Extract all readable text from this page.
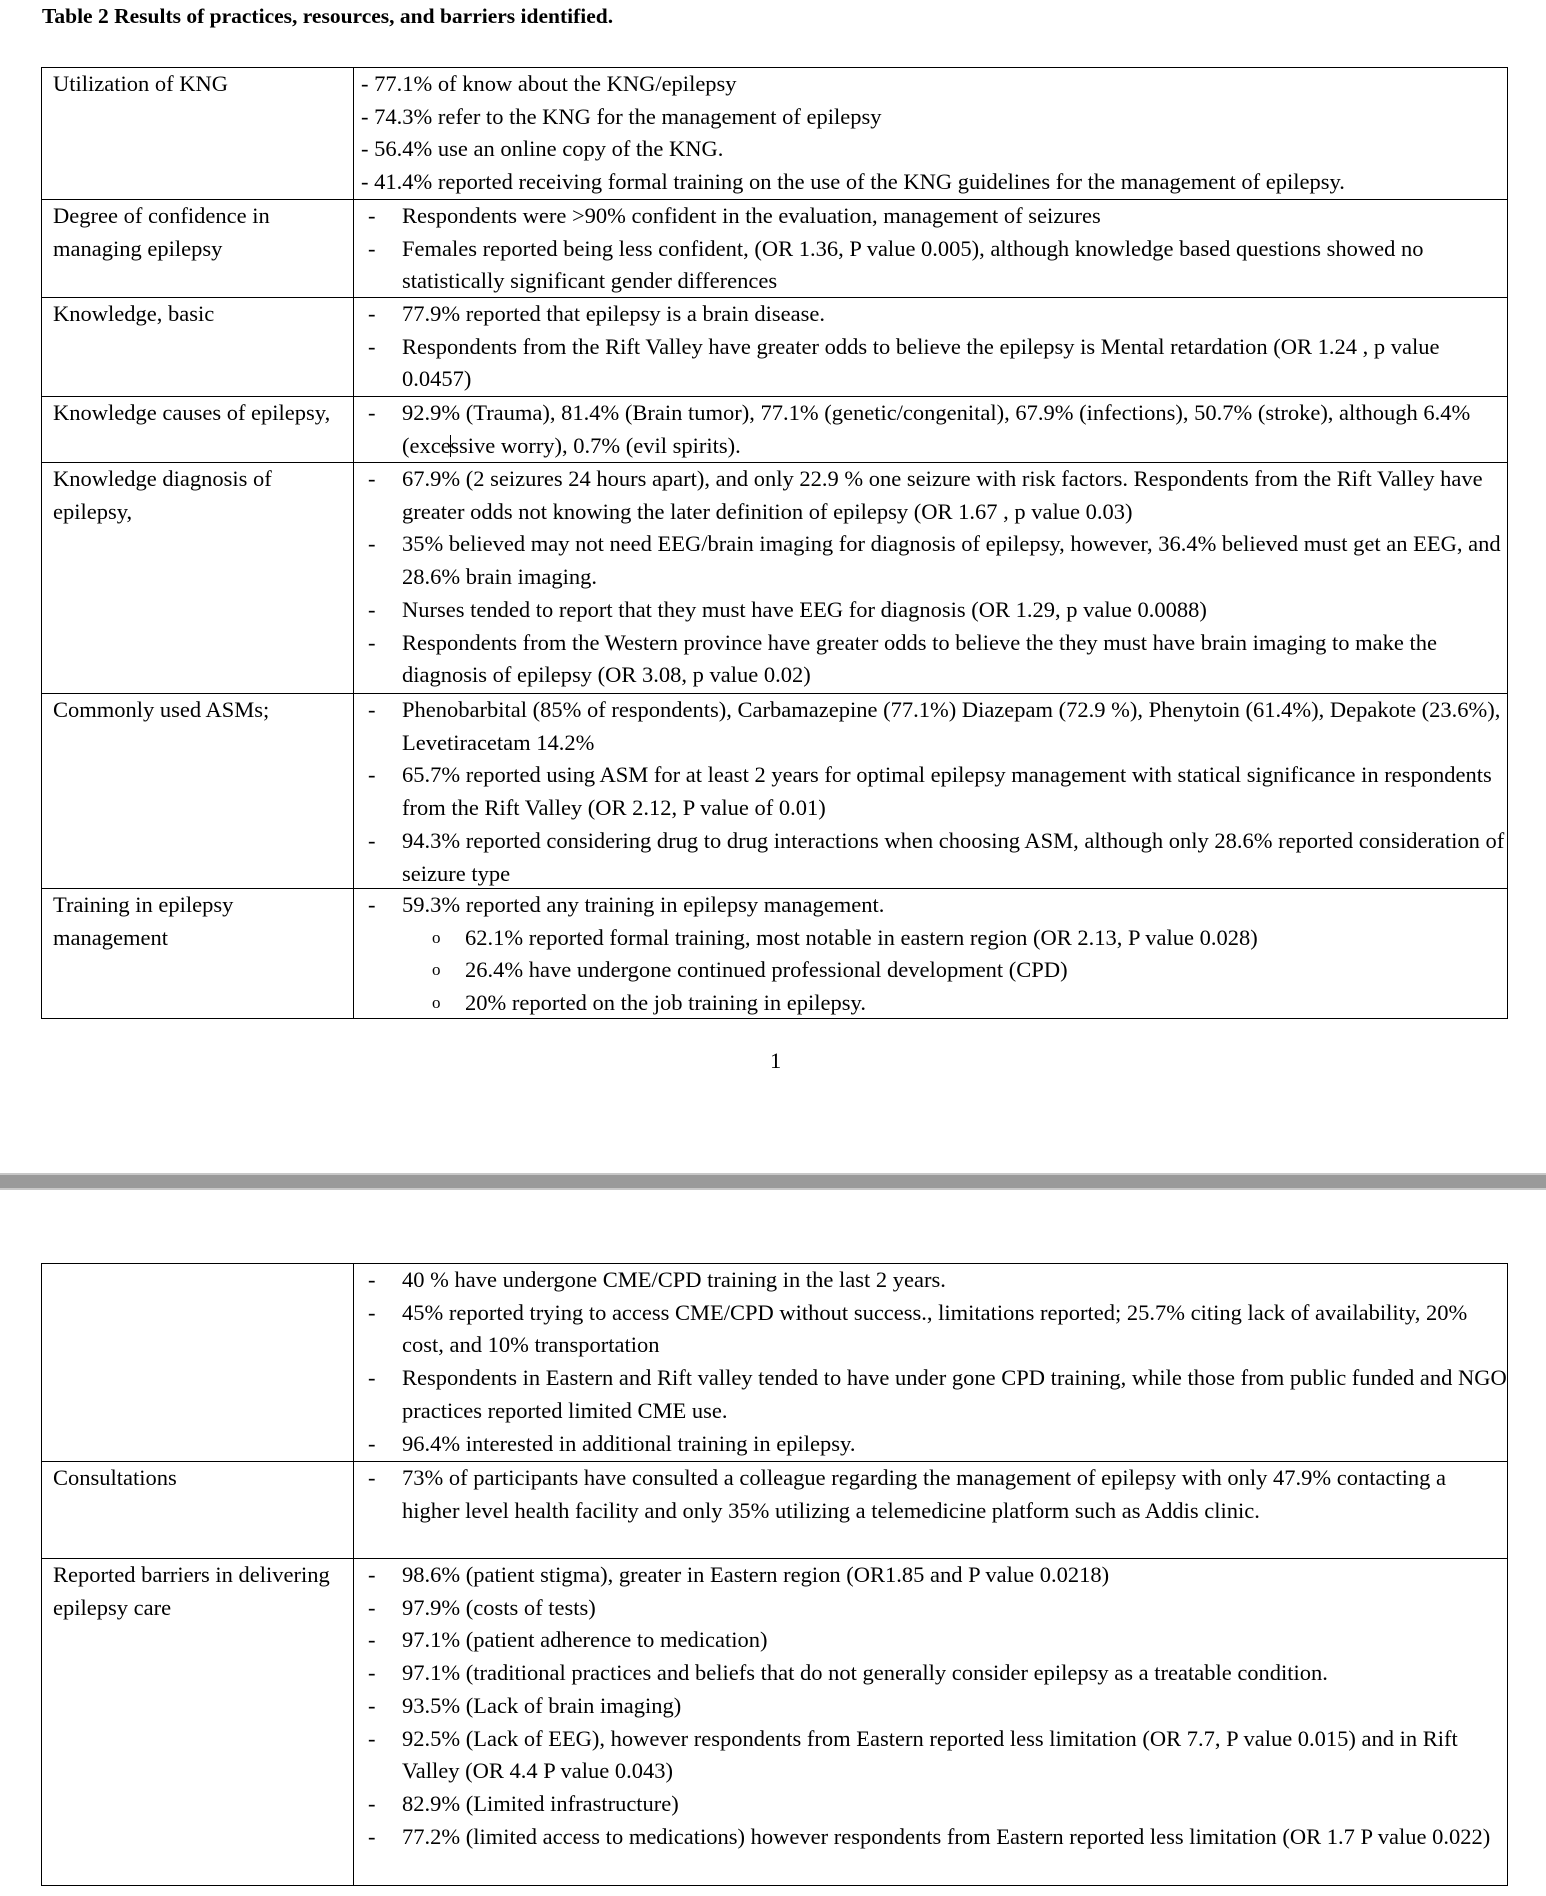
Table 2 Results of practices, resources, and barriers identified.
Utilization of KNG	- 77.1% of know about the KNG/epilepsy
- 74.3% refer to the KNG for the management of epilepsy
- 56.4% use an online copy of the KNG.
- 41.4% reported receiving formal training on the use of the KNG guidelines for the management of epilepsy.
Degree of confidence in managing epilepsy
- Respondents were >90% confident in the evaluation, management of seizures
- Females reported being less confident, (OR 1.36, P value 0.005), although knowledge based questions showed no statistically significant gender differences
Knowledge, basic	- 77.9% reported that epilepsy is a brain disease.
- Respondents from the Rift Valley have greater odds to believe the epilepsy is Mental retardation (OR 1.24 , p value 0.0457)
Knowledge causes of epilepsy,	- 92.9% (Trauma), 81.4% (Brain tumor), 77.1% (genetic/congenital), 67.9% (infections), 50.7% (stroke), although 6.4% (excessive worry), 0.7% (evil spirits).
Knowledge diagnosis of epilepsy,
- 67.9% (2 seizures 24 hours apart), and only 22.9 % one seizure with risk factors. Respondents from the Rift Valley have greater odds not knowing the later definition of epilepsy (OR 1.67 , p value 0.03)
- 35% believed may not need EEG/brain imaging for diagnosis of epilepsy, however, 36.4% believed must get an EEG, and 28.6% brain imaging.
- Nurses tended to report that they must have EEG for diagnosis (OR 1.29, p value 0.0088)
- Respondents from the Western province have greater odds to believe the they must have brain imaging to make the diagnosis of epilepsy (OR 3.08, p value 0.02)
Commonly used ASMs;	- Phenobarbital (85% of respondents), Carbamazepine (77.1%) Diazepam (72.9 %), Phenytoin (61.4%), Depakote (23.6%), Levetiracetam 14.2%
- 65.7% reported using ASM for at least 2 years for optimal epilepsy management with statical significance in respondents from the Rift Valley (OR 2.12, P value of 0.01)
- 94.3% reported considering drug to drug interactions when choosing ASM, although only 28.6% reported consideration of seizure type
Training in epilepsy management
- 59.3% reported any training in epilepsy management.
o 62.1% reported formal training, most notable in eastern region (OR 2.13, P value 0.028)
o 26.4% have undergone continued professional development (CPD)
o 20% reported on the job training in epilepsy.
1
- 40 % have undergone CME/CPD training in the last 2 years.
- 45% reported trying to access CME/CPD without success., limitations reported; 25.7% citing lack of availability, 20% cost, and 10% transportation
- Respondents in Eastern and Rift valley tended to have under gone CPD training, while those from public funded and NGO practices reported limited CME use.
- 96.4% interested in additional training in epilepsy.
Consultations	- 73% of participants have consulted a colleague regarding the management of epilepsy with only 47.9% contacting a higher level health facility and only 35% utilizing a telemedicine platform such as Addis clinic.
Reported barriers in delivering epilepsy care
- 98.6% (patient stigma), greater in Eastern region (OR1.85 and P value 0.0218)
- 97.9% (costs of tests)
- 97.1% (patient adherence to medication)
- 97.1% (traditional practices and beliefs that do not generally consider epilepsy as a treatable condition.
- 93.5% (Lack of brain imaging)
- 92.5% (Lack of EEG), however respondents from Eastern reported less limitation (OR 7.7, P value 0.015) and in Rift Valley (OR 4.4 P value 0.043)
- 82.9% (Limited infrastructure)
- 77.2% (limited access to medications) however respondents from Eastern reported less limitation (OR 1.7 P value 0.022)
